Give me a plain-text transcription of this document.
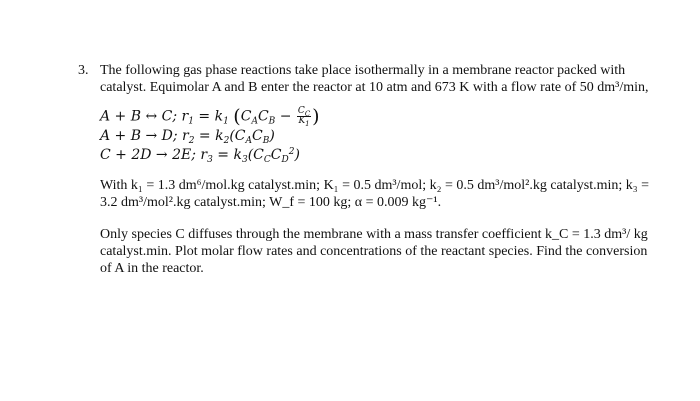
3. The following gas phase reactions take place isothermally in a membrane reactor packed with catalyst. Equimolar A and B enter the reactor at 10 atm and 673 K with a flow rate of 50 dm³/min,
A + B ↔ C; $r_1 = k_1$ ($C_AC_B - \frac{C_C}{K_1}$ )
A + B → D; $r_2 = k_2(C_AC_B)$
C + 2D → 2E; $r_3 = k_3(C_CC_D^2)$
With k₁ = 1.3 dm⁶/mol.kg catalyst.min; K₁ = 0.5 dm³/mol; k₂ = 0.5 dm³/mol².kg catalyst.min; k₃ = 3.2 dm³/mol².kg catalyst.min; W_f = 100 kg; α = 0.009 kg⁻¹.
Only species C diffuses through the membrane with a mass transfer coefficient k_C = 1.3 dm³/ kg catalyst.min. Plot molar flow rates and concentrations of the reactant species. Find the conversion of A in the reactor.
